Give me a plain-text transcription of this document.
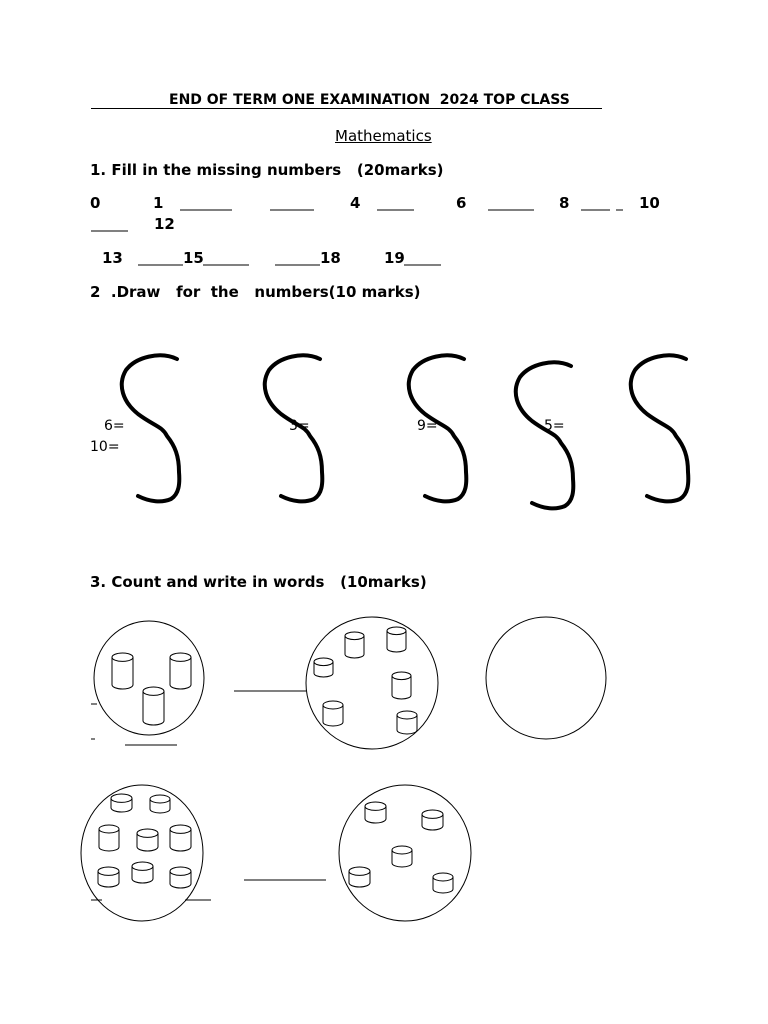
END OF TERM ONE EXAMINATION  2024 TOP CLASS
Mathematics
1. Fill in the missing numbers   (20marks)
0	1	4	6	8	10
12
13	15	18	19
2  .Draw   for  the   numbers(10 marks)
3. Count and write in words   (10marks)
6=	3=	9=	5=
10=
